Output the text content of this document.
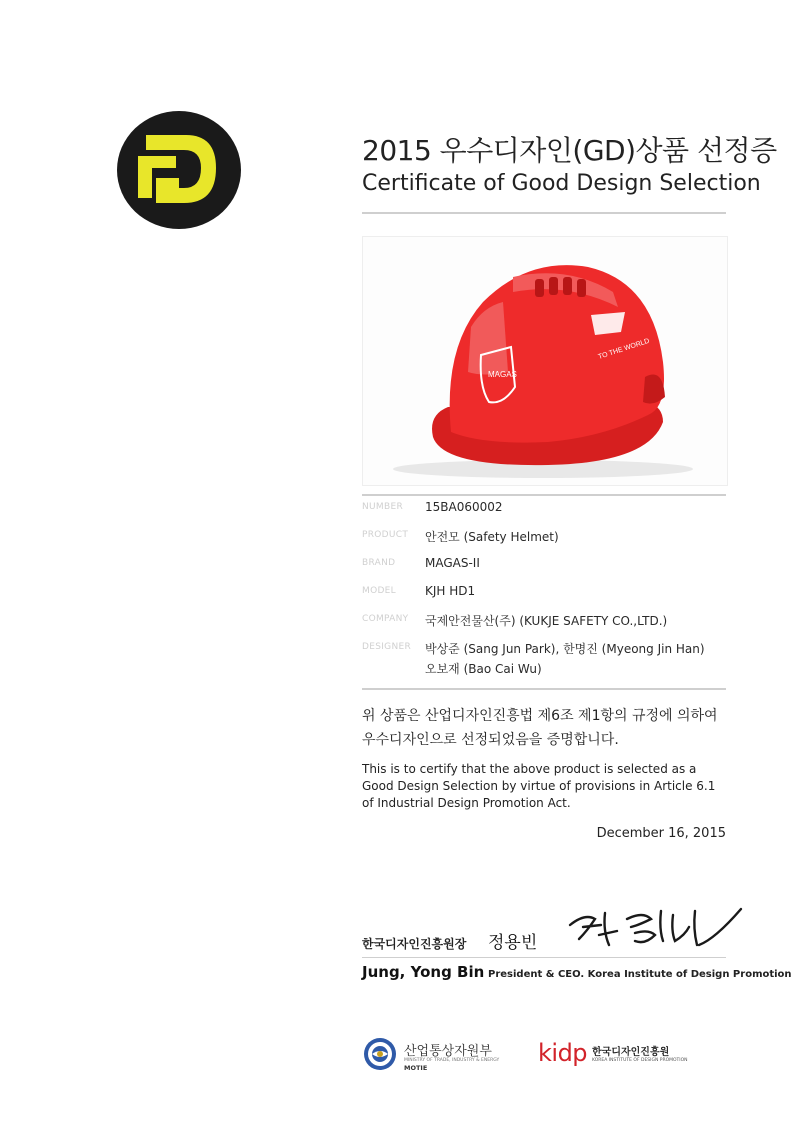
2015 우수디자인(GD)상품 선정증
Certificate of Good Design Selection
MAGAS
TO THE WORLD
NUMBER	15BA060002
PRODUCT	안전모 (Safety Helmet)
BRAND	MAGAS-II
MODEL	KJH HD1
COMPANY	국제안전물산(주) (KUKJE SAFETY CO.,LTD.)
DESIGNER	박상준 (Sang Jun Park), 한명진 (Myeong Jin Han)
오보재 (Bao Cai Wu)
위 상품은 산업디자인진흥법 제6조 제1항의 규정에 의하여
우수디자인으로 선정되었음을 증명합니다.
This is to certify that the above product is selected as a Good Design Selection by virtue of provisions in Article 6.1 of Industrial Design Promotion Act.
December 16, 2015
한국디자인진흥원장 정용빈
Jung, Yong Bin President & CEO. Korea Institute of Design Promotion
산업통상자원부
MINISTRY OF TRADE, INDUSTRY & ENERGY
MOTIE
kidp 한국디자인진흥원
KOREA INSTITUTE OF DESIGN PROMOTION
